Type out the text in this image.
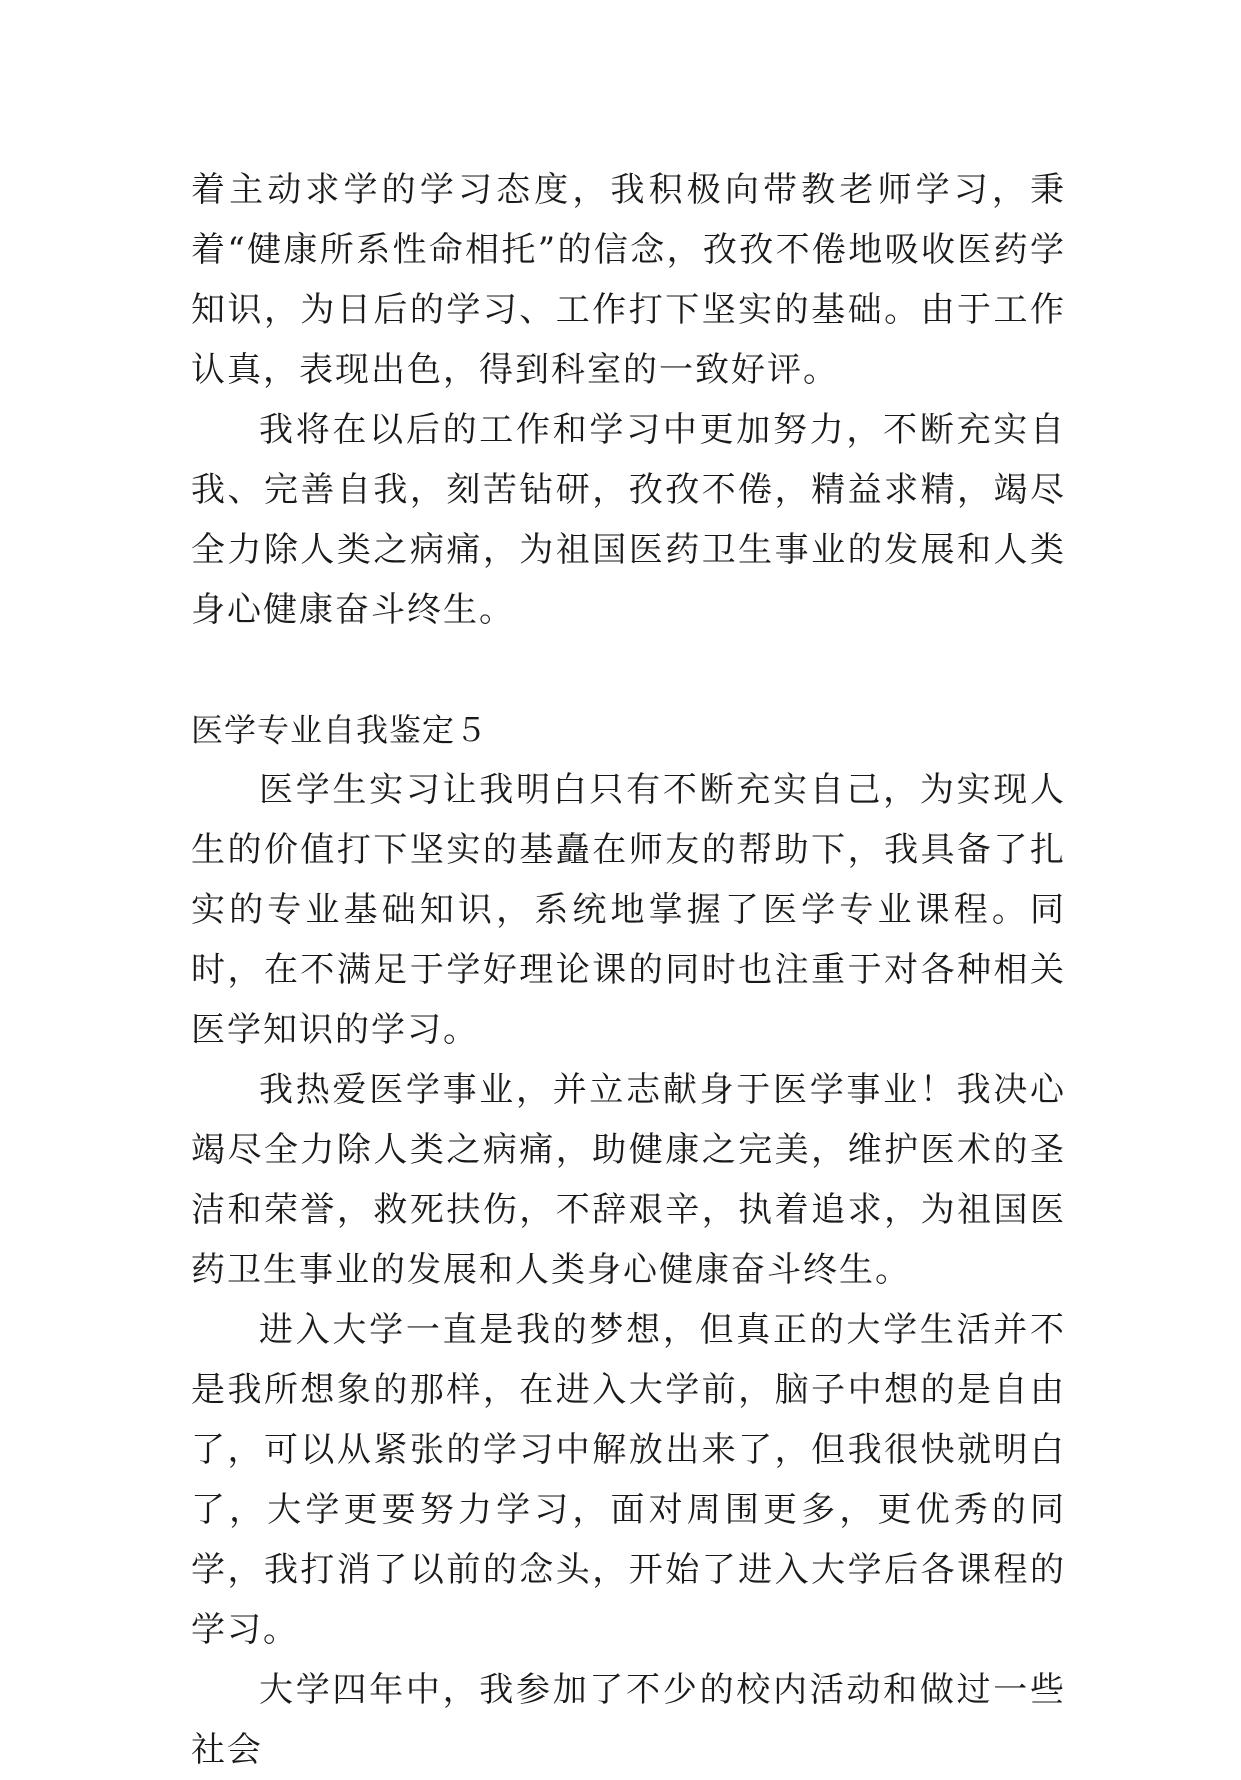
着主动求学的学习态度，我积极向带教老师学习，秉着“健康所系性命相托”的信念，孜孜不倦地吸收医药学知识，为日后的学习、工作打下坚实的基础。由于工作认真，表现出色，得到科室的一致好评。

我将在以后的工作和学习中更加努力，不断充实自我、完善自我，刻苦钻研，孜孜不倦，精益求精，竭尽全力除人类之病痛，为祖国医药卫生事业的发展和人类身心健康奋斗终生。

医学专业自我鉴定５

医学生实习让我明白只有不断充实自己，为实现人生的价值打下坚实的基矗在师友的帮助下，我具备了扎实的专业基础知识，系统地掌握了医学专业课程。同时，在不满足于学好理论课的同时也注重于对各种相关医学知识的学习。

我热爱医学事业，并立志献身于医学事业！我决心竭尽全力除人类之病痛，助健康之完美，维护医术的圣洁和荣誉，救死扶伤，不辞艰辛，执着追求，为祖国医药卫生事业的发展和人类身心健康奋斗终生。

进入大学一直是我的梦想，但真正的大学生活并不是我所想象的那样，在进入大学前，脑子中想的是自由了，可以从紧张的学习中解放出来了，但我很快就明白了，大学更要努力学习，面对周围更多，更优秀的同学，我打消了以前的念头，开始了进入大学后各课程的学习。

大学四年中，我参加了不少的校内活动和做过一些社会
